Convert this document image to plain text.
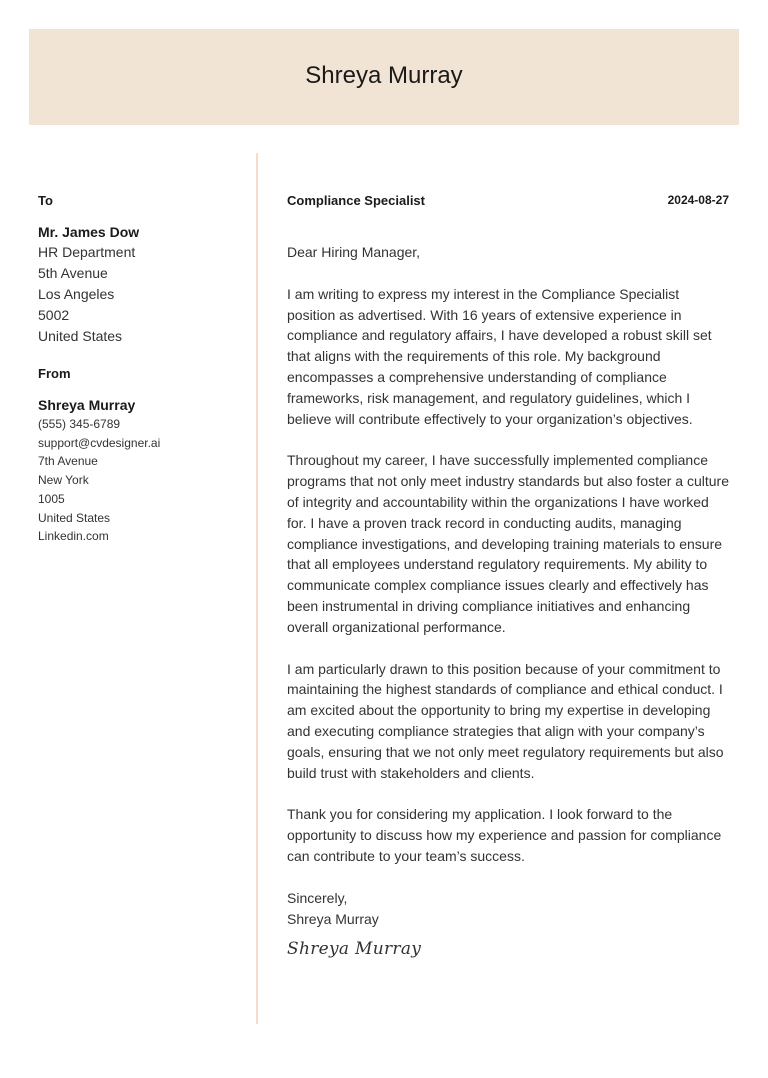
Shreya Murray
To
Mr. James Dow
HR Department
5th Avenue
Los Angeles
5002
United States
From
Shreya Murray
(555) 345-6789
support@cvdesigner.ai
7th Avenue
New York
1005
United States
Linkedin.com
Compliance Specialist	2024-08-27
Dear Hiring Manager,
I am writing to express my interest in the Compliance Specialist position as advertised. With 16 years of extensive experience in compliance and regulatory affairs, I have developed a robust skill set that aligns with the requirements of this role. My background encompasses a comprehensive understanding of compliance frameworks, risk management, and regulatory guidelines, which I believe will contribute effectively to your organization’s objectives.
Throughout my career, I have successfully implemented compliance programs that not only meet industry standards but also foster a culture of integrity and accountability within the organizations I have worked for. I have a proven track record in conducting audits, managing compliance investigations, and developing training materials to ensure that all employees understand regulatory requirements. My ability to communicate complex compliance issues clearly and effectively has been instrumental in driving compliance initiatives and enhancing overall organizational performance.
I am particularly drawn to this position because of your commitment to maintaining the highest standards of compliance and ethical conduct. I am excited about the opportunity to bring my expertise in developing and executing compliance strategies that align with your company’s goals, ensuring that we not only meet regulatory requirements but also build trust with stakeholders and clients.
Thank you for considering my application. I look forward to the opportunity to discuss how my experience and passion for compliance can contribute to your team’s success.
Sincerely,
Shreya Murray
Shreya Murray
